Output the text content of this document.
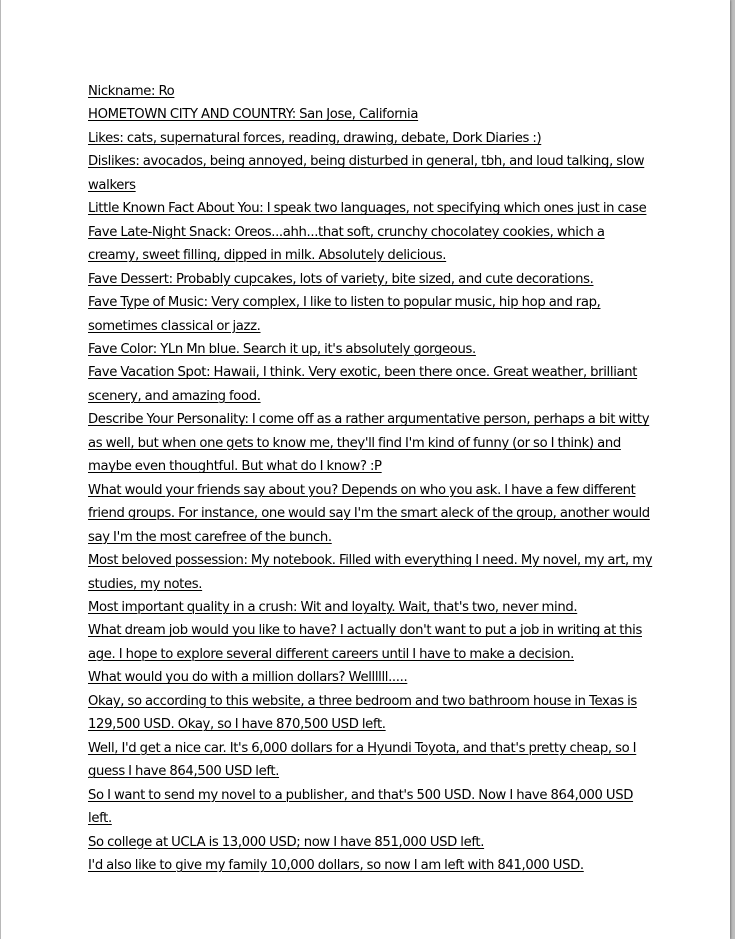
Nickname: Ro

HOMETOWN CITY AND COUNTRY: San Jose, California

Likes: cats, supernatural forces, reading, drawing, debate, Dork Diaries :)

Dislikes: avocados, being annoyed, being disturbed in general, tbh, and loud talking, slow walkers

Little Known Fact About You: I speak two languages, not specifying which ones just in case

Fave Late-Night Snack: Oreos...ahh...that soft, crunchy chocolatey cookies, which a creamy, sweet filling, dipped in milk. Absolutely delicious.

Fave Dessert: Probably cupcakes, lots of variety, bite sized, and cute decorations.

Fave Type of Music: Very complex, I like to listen to popular music, hip hop and rap, sometimes classical or jazz.

Fave Color: YLn Mn blue. Search it up, it's absolutely gorgeous.

Fave Vacation Spot: Hawaii, I think. Very exotic, been there once. Great weather, brilliant scenery, and amazing food.

Describe Your Personality: I come off as a rather argumentative person, perhaps a bit witty as well, but when one gets to know me, they'll find I'm kind of funny (or so I think) and maybe even thoughtful. But what do I know? :P

What would your friends say about you? Depends on who you ask. I have a few different friend groups. For instance, one would say I'm the smart aleck of the group, another would say I'm the most carefree of the bunch.

Most beloved possession: My notebook. Filled with everything I need. My novel, my art, my studies, my notes.

Most important quality in a crush: Wit and loyalty. Wait, that's two, never mind.

What dream job would you like to have? I actually don't want to put a job in writing at this age. I hope to explore several different careers until I have to make a decision.

What would you do with a million dollars? Wellllll.....

Okay, so according to this website, a three bedroom and two bathroom house in Texas is 129,500 USD. Okay, so I have 870,500 USD left.

Well, I'd get a nice car. It's 6,000 dollars for a Hyundi Toyota, and that's pretty cheap, so I guess I have 864,500 USD left.

So I want to send my novel to a publisher, and that's 500 USD. Now I have 864,000 USD left.

So college at UCLA is 13,000 USD; now I have 851,000 USD left.

I'd also like to give my family 10,000 dollars, so now I am left with 841,000 USD.
